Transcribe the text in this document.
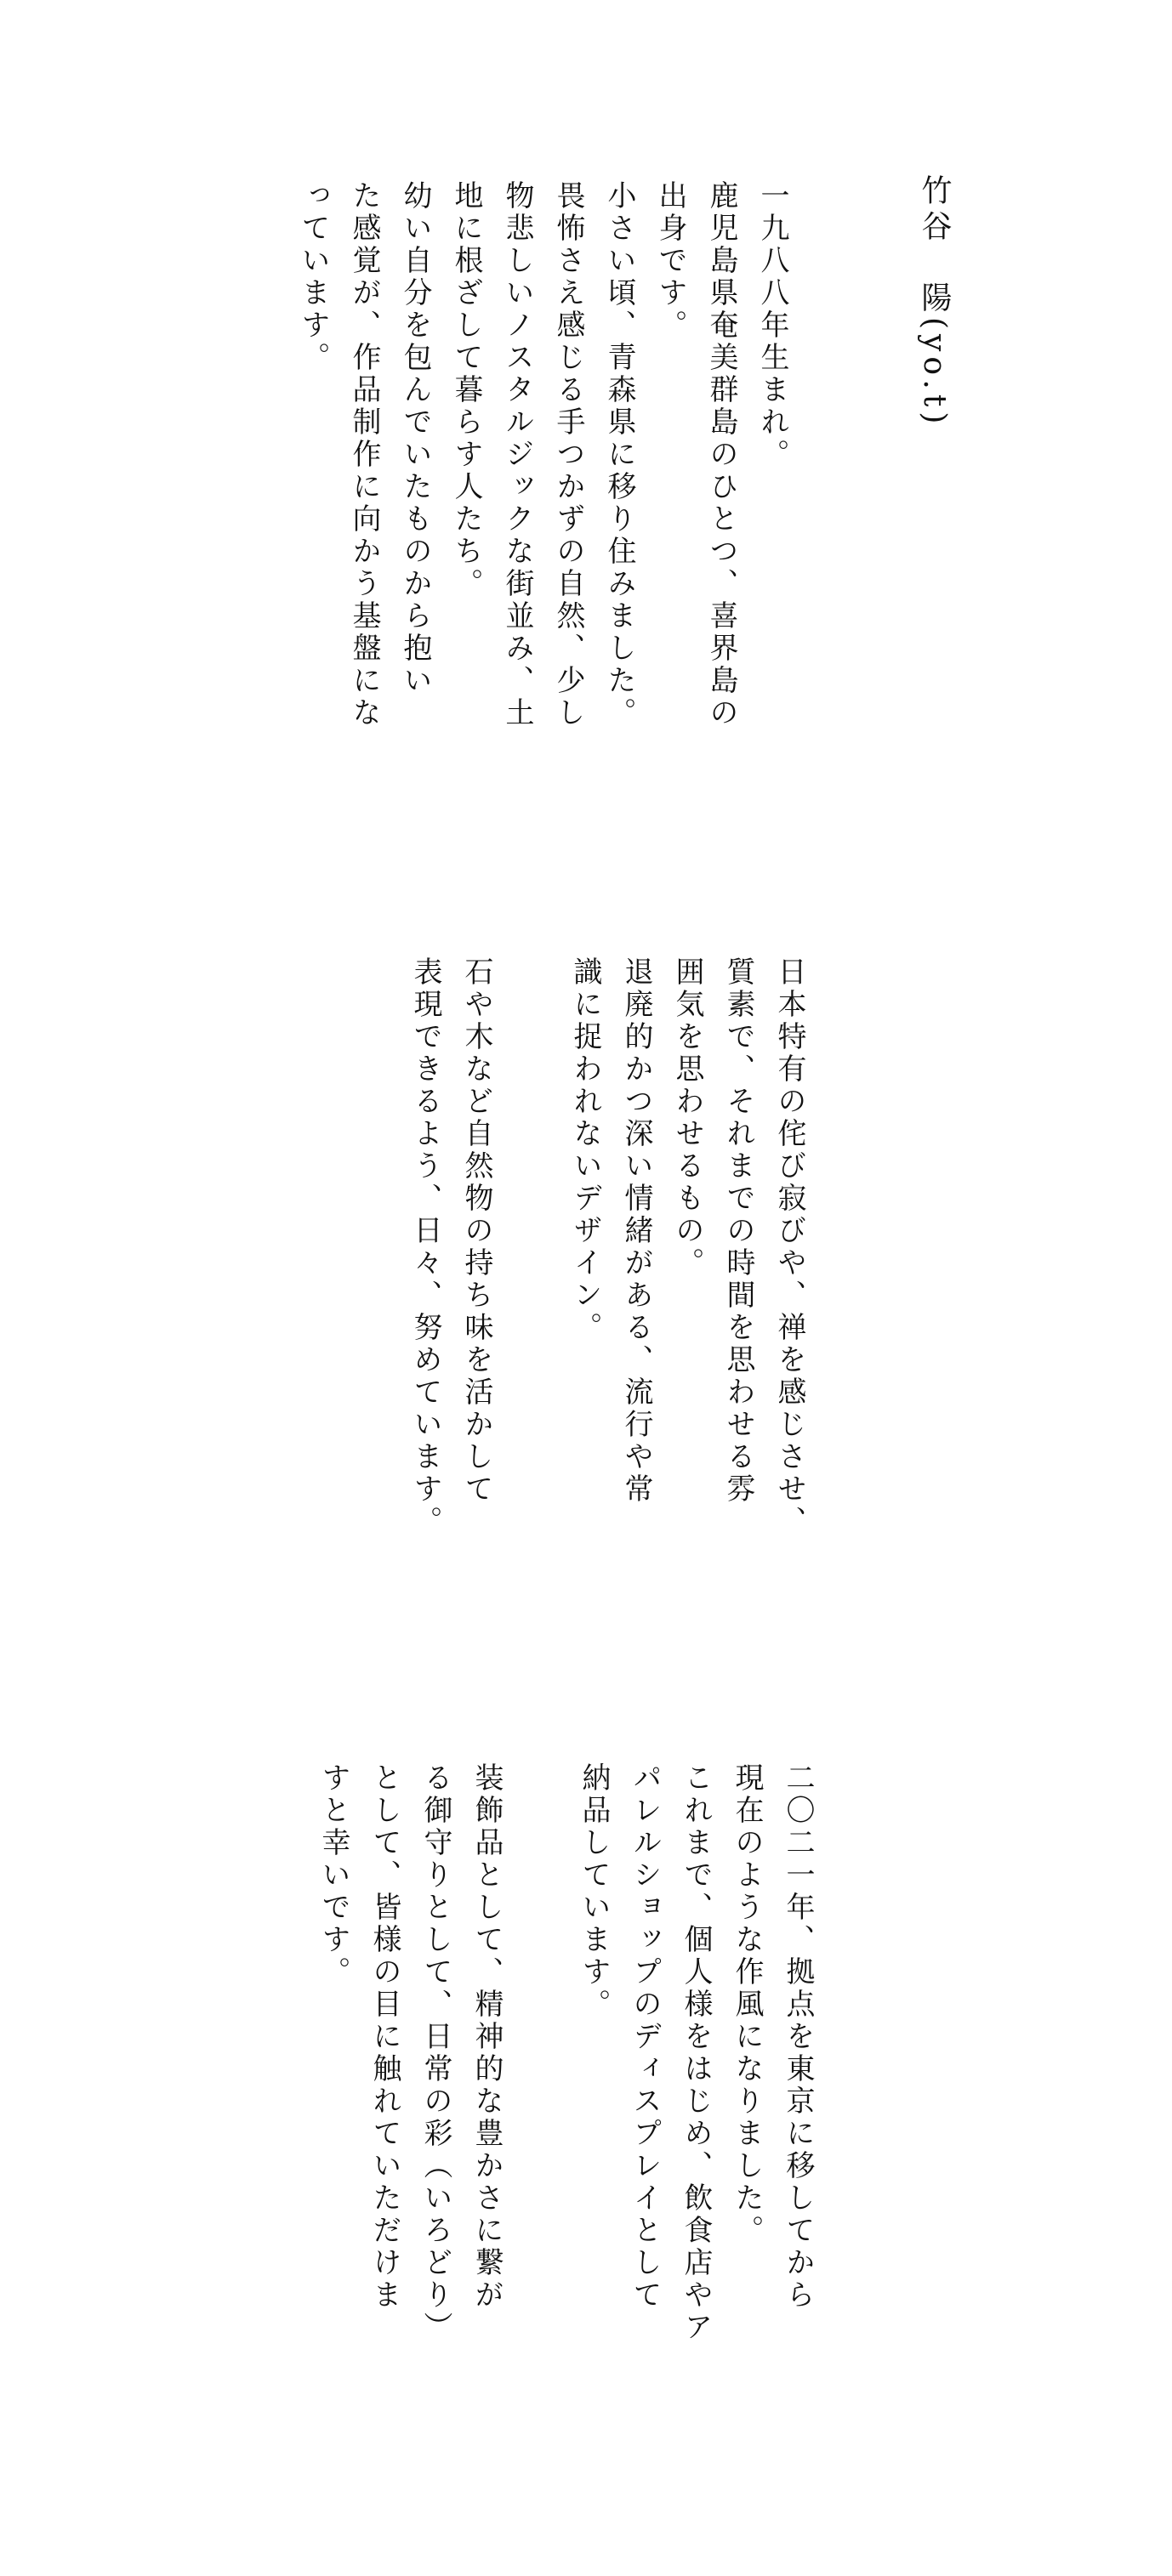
竹谷　陽(yo.t)

一九八八年生まれ。

鹿児島県奄美群島のひとつ、喜界島の

出身です。

小さい頃、青森県に移り住みました。

畏怖さえ感じる手つかずの自然、少し

物悲しいノスタルジックな街並み、土

地に根ざして暮らす人たち。

幼い自分を包んでいたものから抱い

た感覚が、作品制作に向かう基盤にな

っています。

日本特有の侘び寂びや、禅を感じさせ、

質素で、それまでの時間を思わせる雰

囲気を思わせるもの。

退廃的かつ深い情緒がある、流行や常

識に捉われないデザイン。

石や木など自然物の持ち味を活かして

表現できるよう、日々、努めています。

二〇二一年、拠点を東京に移してから

現在のような作風になりました。

これまで、個人様をはじめ、飲食店やア

パレルショップのディスプレイとして

納品しています。

装飾品として、精神的な豊かさに繋が

る御守りとして、日常の彩（いろどり）

として、皆様の目に触れていただけま

すと幸いです。
